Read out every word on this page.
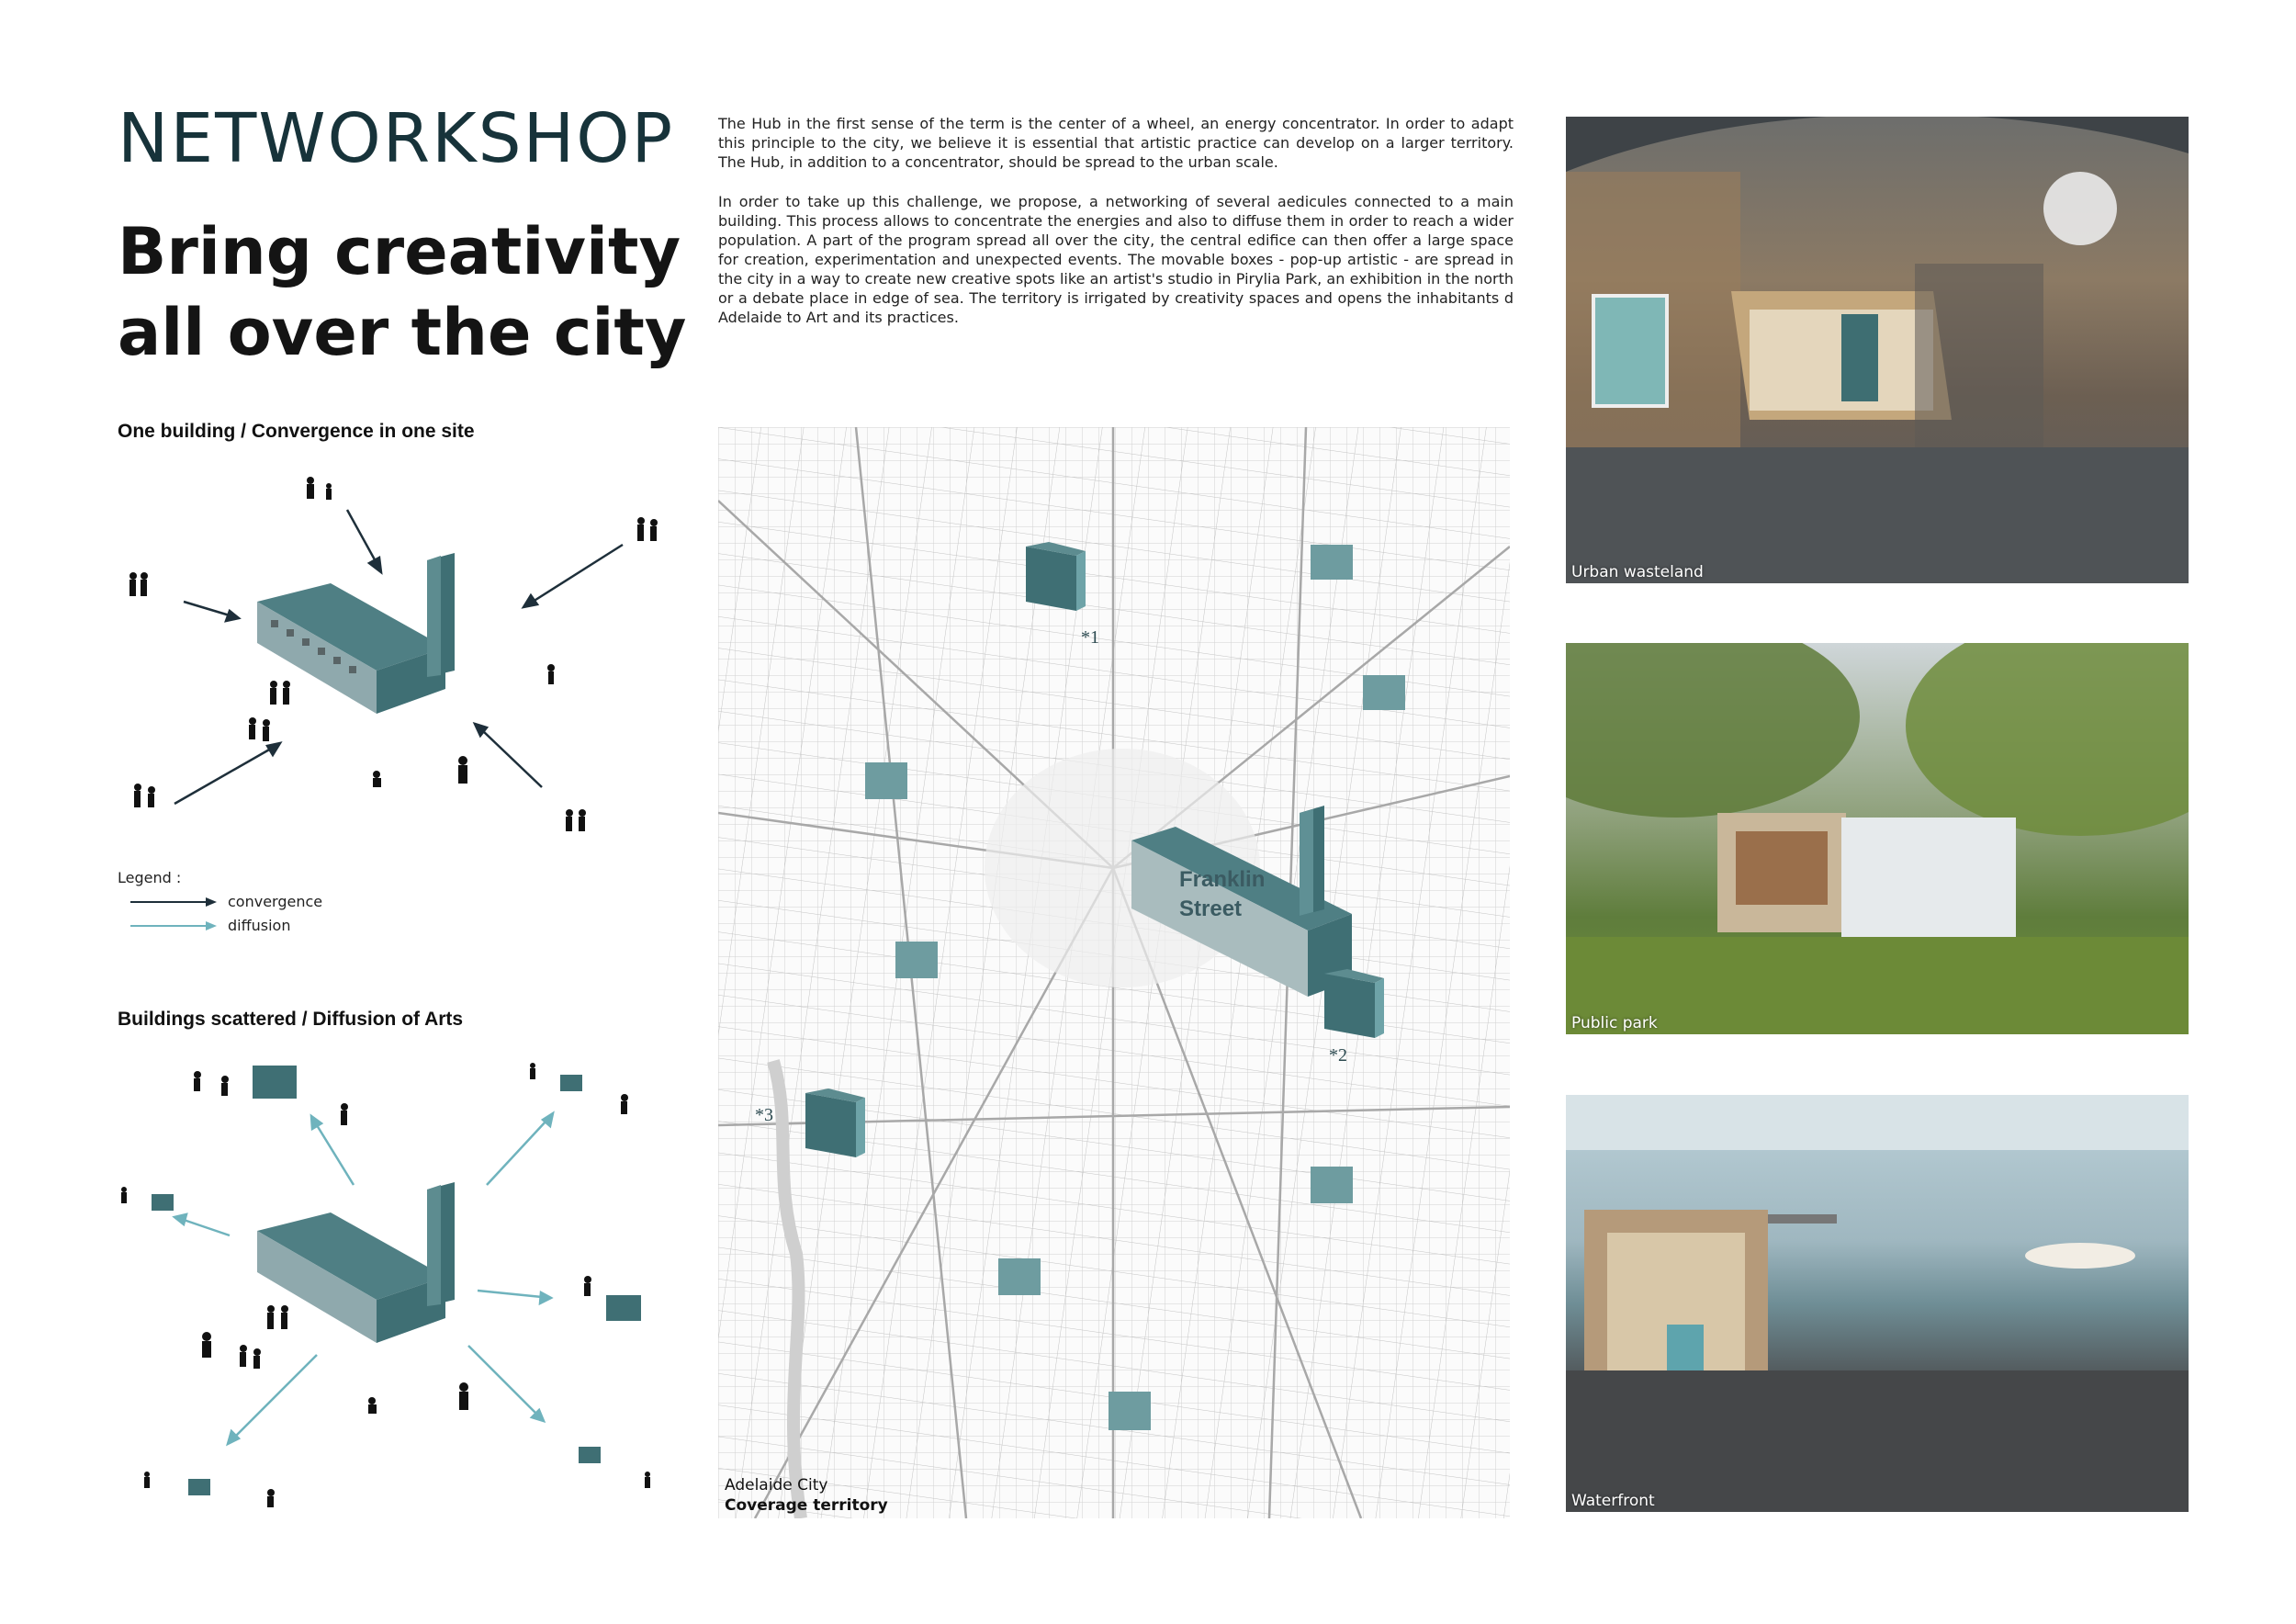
NETWORKSHOP
Bring creativity
all over the city

The Hub in the first sense of the term is the center of a wheel, an energy concentrator. In order to adapt this principle to the city, we believe it is essential that artistic practice can develop on a larger territory. The Hub, in addition to a concentrator, should be spread to the urban scale.

In order to take up this challenge, we propose, a networking of several aedicules connected to a main building. This process allows to concentrate the energies and also to diffuse them in order to reach a wider population. A part of the program spread all over the city, the central edifice can then offer a large space for creation, experimentation and unexpected events. The movable boxes - pop-up artistic - are spread in the city in a way to create new creative spots like an artist's studio in Pirylia Park, an exhibition in the north or a debate place in edge of sea. The territory is irrigated by creativity spaces and opens the inhabitants d Adelaide to Art and its practices.

One building / Convergence in one site
Legend :
convergence
diffusion
Buildings scattered / Diffusion of Arts
Franklin
Street
*1
*2
*3
Adelaide City
Coverage territory
Urban wasteland
Public park
Waterfront
